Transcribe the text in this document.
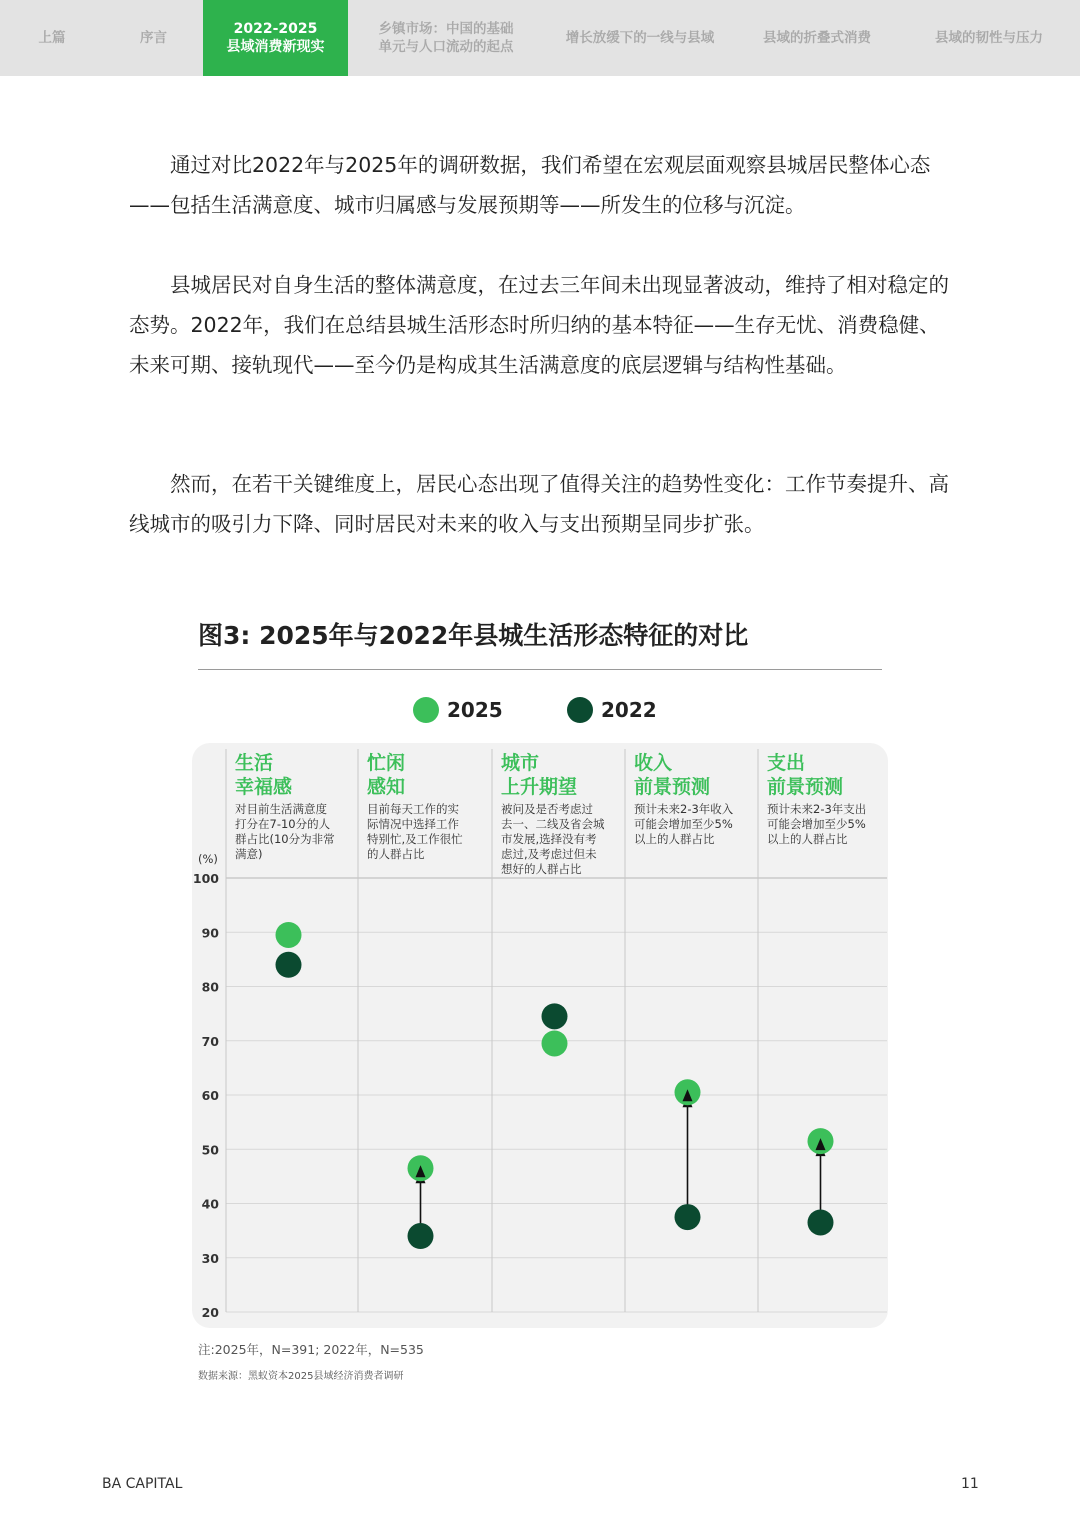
上篇	序言
2022-2025
县域消费新现实
乡镇市场：中国的基础
单元与人口流动的起点
增长放缓下的一线与县域	县域的折叠式消费	县域的韧性与压力

通过对比2022年与2025年的调研数据，我们希望在宏观层面观察县城居民整体心态——包括生活满意度、城市归属感与发展预期等——所发生的位移与沉淀。

县城居民对自身生活的整体满意度，在过去三年间未出现显著波动，维持了相对稳定的态势。2022年，我们在总结县城生活形态时所归纳的基本特征——生存无忧、消费稳健、未来可期、接轨现代——至今仍是构成其生活满意度的底层逻辑与结构性基础。

然而，在若干关键维度上，居民心态出现了值得关注的趋势性变化：工作节奏提升、高线城市的吸引力下降、同时居民对未来的收入与支出预期呈同步扩张。

图3: 2025年与2022年县城生活形态特征的对比
2025	2022
100
90
80
70
60
50
40
30
20
(%)
生活
幸福感
对目前生活满意度
打分在7-10分的人
群占比(10分为非常
满意)
忙闲
感知
目前每天工作的实
际情况中选择工作
特别忙,及工作很忙
的人群占比
城市
上升期望
被问及是否考虑过
去一、二线及省会城
市发展,选择没有考
虑过,及考虑过但未
想好的人群占比
收入
前景预测
预计未来2-3年收入
可能会增加至少5%
以上的人群占比
支出
前景预测
预计未来2-3年支出
可能会增加至少5%
以上的人群占比
注:2025年，N=391; 2022年，N=535
数据来源：黑蚁资本2025县域经济消费者调研
BA CAPITAL	11
